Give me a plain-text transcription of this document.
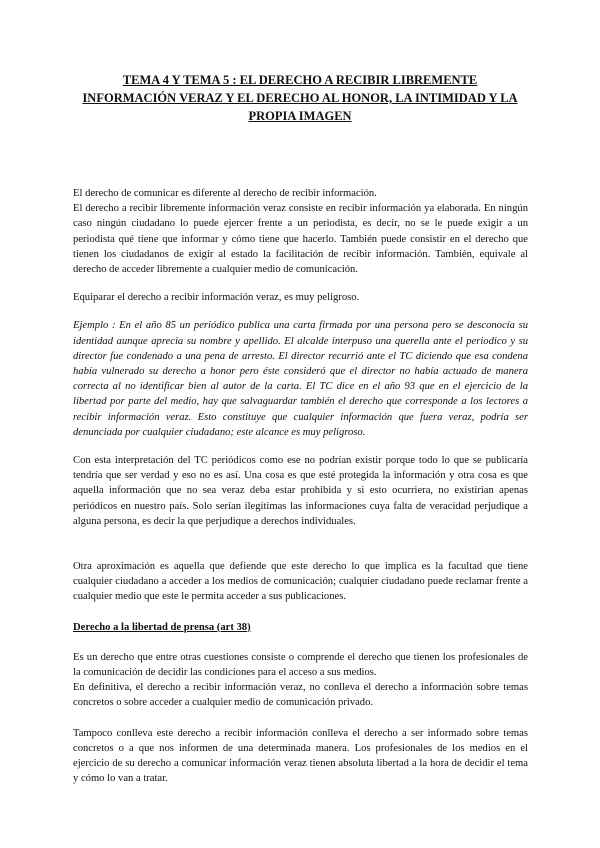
TEMA 4 Y TEMA 5 : EL DERECHO A RECIBIR LIBREMENTE INFORMACIÓN VERAZ Y EL DERECHO AL HONOR, LA INTIMIDAD Y LA PROPIA IMAGEN

El derecho de comunicar es diferente al derecho de recibir información.

El derecho a recibir libremente información veraz consiste en recibir información ya elaborada. En ningún caso ningún ciudadano lo puede ejercer frente a un periodista, es decir, no se le puede exigir a un periodista qué tiene que informar y cómo tiene que hacerlo. También puede consistir en el derecho que tienen los ciudadanos de exigir al estado la facilitación de recibir información. También, equivale al derecho de acceder libremente a cualquier medio de comunicación.

Equiparar el derecho a recibir información veraz, es muy peligroso.

Ejemplo : En el año 85 un periódico publica una carta firmada por una persona pero se desconocía su identidad aunque aprecia su nombre y apellido. El alcalde interpuso una querella ante el periodico y su director fue condenado a una pena de arresto. El director recurrió ante el TC diciendo que esa condena había vulnerado su derecho a honor pero éste consideró que el director no había actuado de manera correcta al no identificar bien al autor de la carta. El TC dice en el año 93 que en el ejercicio de la libertad por parte del medio, hay que salvaguardar también el derecho que corresponde a los lectores a recibir información veraz. Esto constituye que cualquier información que fuera veraz, podría ser denunciada por cualquier ciudadano; este alcance es muy peligroso.

Con esta interpretación del TC periódicos como ese no podrían existir porque todo lo que se publicaría tendría que ser verdad y eso no es así. Una cosa es que esté protegida la información y otra cosa es que aquella información que no sea veraz deba estar prohibida y si esto ocurriera, no existirían apenas periódicos en nuestro país. Solo serían ilegítimas las informaciones cuya falta de veracidad perjudique a alguna persona, es decir la que perjudique a derechos individuales.

Otra aproximación es aquella que defiende que este derecho lo que implica es la facultad que tiene cualquier ciudadano a acceder a los medios de comunicación; cualquier ciudadano puede reclamar frente a cualquier medio que este le permita acceder a sus publicaciones.

Derecho a la libertad de prensa (art 38)

Es un derecho que entre otras cuestiones consiste o comprende el derecho que tienen los profesionales de la comunicación de decidir las condiciones para el acceso a sus medios.

En definitiva, el derecho a recibir información veraz, no conlleva el derecho a información sobre temas concretos o sobre acceder a cualquier medio de comunicación privado.

Tampoco conlleva este derecho a recibir información conlleva el derecho a ser informado sobre temas concretos o a que nos informen de una determinada manera. Los profesionales de los medios en el ejercicio de su derecho a comunicar información veraz tienen absoluta libertad a la hora de decidir el tema y cómo lo van a tratar.
